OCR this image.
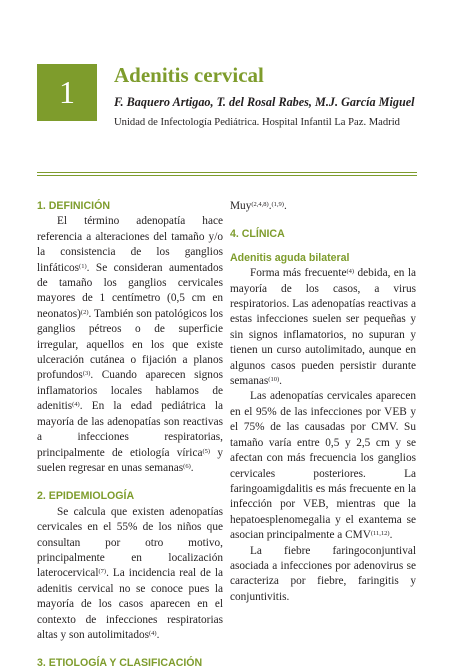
1 Adenitis cervical
F. Baquero Artigao, T. del Rosal Rabes, M.J. García Miguel
Unidad de Infectología Pediátrica. Hospital Infantil La Paz. Madrid
1. DEFINICIÓN

El término adenopatía hace referencia a alteraciones del tamaño y/o la consistencia de los ganglios linfáticos$^{(1)}$. Se consideran aumentados de tamaño los ganglios cervicales mayores de 1 centímetro (0,5 cm en neonatos)$^{(2)}$. También son patológicos los ganglios pétreos o de superficie irregular, aquellos en los que existe ulceración cutánea o fijación a planos profundos$^{(3)}$. Cuando aparecen signos inflamatorios locales hablamos de adenitis$^{(4)}$. En la edad pediátrica la mayoría de las adenopatías son reactivas a infecciones respiratorias, principalmente de etiología vírica$^{(5)}$ y suelen regresar en unas semanas$^{(6)}$.

2. EPIDEMIOLOGÍA

Se calcula que existen adenopatías cervicales en el 55% de los niños que consultan por otro motivo, principalmente en localización laterocervical$^{(7)}$. La incidencia real de la adenitis cervical no se conoce pues la mayoría de los casos aparecen en el contexto de infecciones respiratorias altas y son autolimitados$^{(4)}$.

3. ETIOLOGÍA Y CLASIFICACIÓN

Muy$^{(2,4,8)}$.$^{(1,9)}$.

4. CLÍNICA
Adenitis aguda bilateral

Forma más frecuente$^{(4)}$ debida, en la mayoría de los casos, a virus respiratorios. Las adenopatías reactivas a estas infecciones suelen ser pequeñas y sin signos inflamatorios, no supuran y tienen un curso autolimitado, aunque en algunos casos pueden persistir durante semanas$^{(10)}$.

Las adenopatías cervicales aparecen en el 95% de las infecciones por VEB y el 75% de las causadas por CMV. Su tamaño varía entre 0,5 y 2,5 cm y se afectan con más frecuencia los ganglios cervicales posteriores. La faringoamigdalitis es más frecuente en la infección por VEB, mientras que la hepatoesplenomegalia y el exantema se asocian principalmente a CMV$^{(11,12)}$.

La fiebre faringoconjuntival asociada a infecciones por adenovirus se caracteriza por fiebre, faringitis y conjuntivitis.
